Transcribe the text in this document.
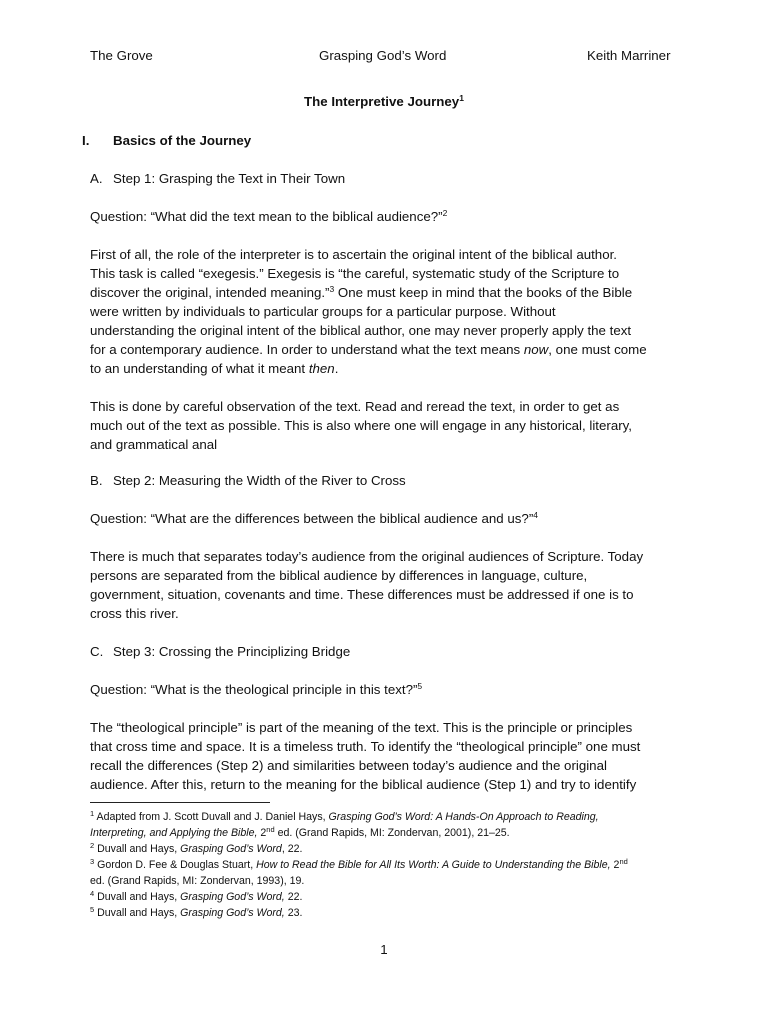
The Grove	Grasping God’s Word	Keith Marriner
The Interpretive Journey$^1$
I. Basics of the Journey
A. Step 1: Grasping the Text in Their Town
Question: “What did the text mean to the biblical audience?”$^2$
First of all, the role of the interpreter is to ascertain the original intent of the biblical author.
This task is called “exegesis.” Exegesis is “the careful, systematic study of the Scripture to
discover the original, intended meaning.”$^3$ One must keep in mind that the books of the Bible
were written by individuals to particular groups for a particular purpose. Without
understanding the original intent of the biblical author, one may never properly apply the text
for a contemporary audience. In order to understand what the text means now, one must come
to an understanding of what it meant then.
This is done by careful observation of the text. Read and reread the text, in order to get as
much out of the text as possible. This is also where one will engage in any historical, literary,
and grammatical anal
B. Step 2: Measuring the Width of the River to Cross
Question: “What are the differences between the biblical audience and us?”$^4$
There is much that separates today’s audience from the original audiences of Scripture. Today
persons are separated from the biblical audience by differences in language, culture,
government, situation, covenants and time. These differences must be addressed if one is to
cross this river.
C. Step 3: Crossing the Principlizing Bridge
Question: “What is the theological principle in this text?”$^5$
The “theological principle” is part of the meaning of the text. This is the principle or principles
that cross time and space. It is a timeless truth. To identify the “theological principle” one must
recall the differences (Step 2) and similarities between today’s audience and the original
audience. After this, return to the meaning for the biblical audience (Step 1) and try to identify
$^1$ Adapted from J. Scott Duvall and J. Daniel Hays, Grasping God’s Word: A Hands-On Approach to Reading,
Interpreting, and Applying the Bible, 2nd ed. (Grand Rapids, MI: Zondervan, 2001), 21–25.
$^2$ Duvall and Hays, Grasping God’s Word, 22.
$^3$ Gordon D. Fee & Douglas Stuart, How to Read the Bible for All Its Worth: A Guide to Understanding the Bible, 2nd
ed. (Grand Rapids, MI: Zondervan, 1993), 19.
$^4$ Duvall and Hays, Grasping God’s Word, 22.
$^5$ Duvall and Hays, Grasping God’s Word, 23.
1
